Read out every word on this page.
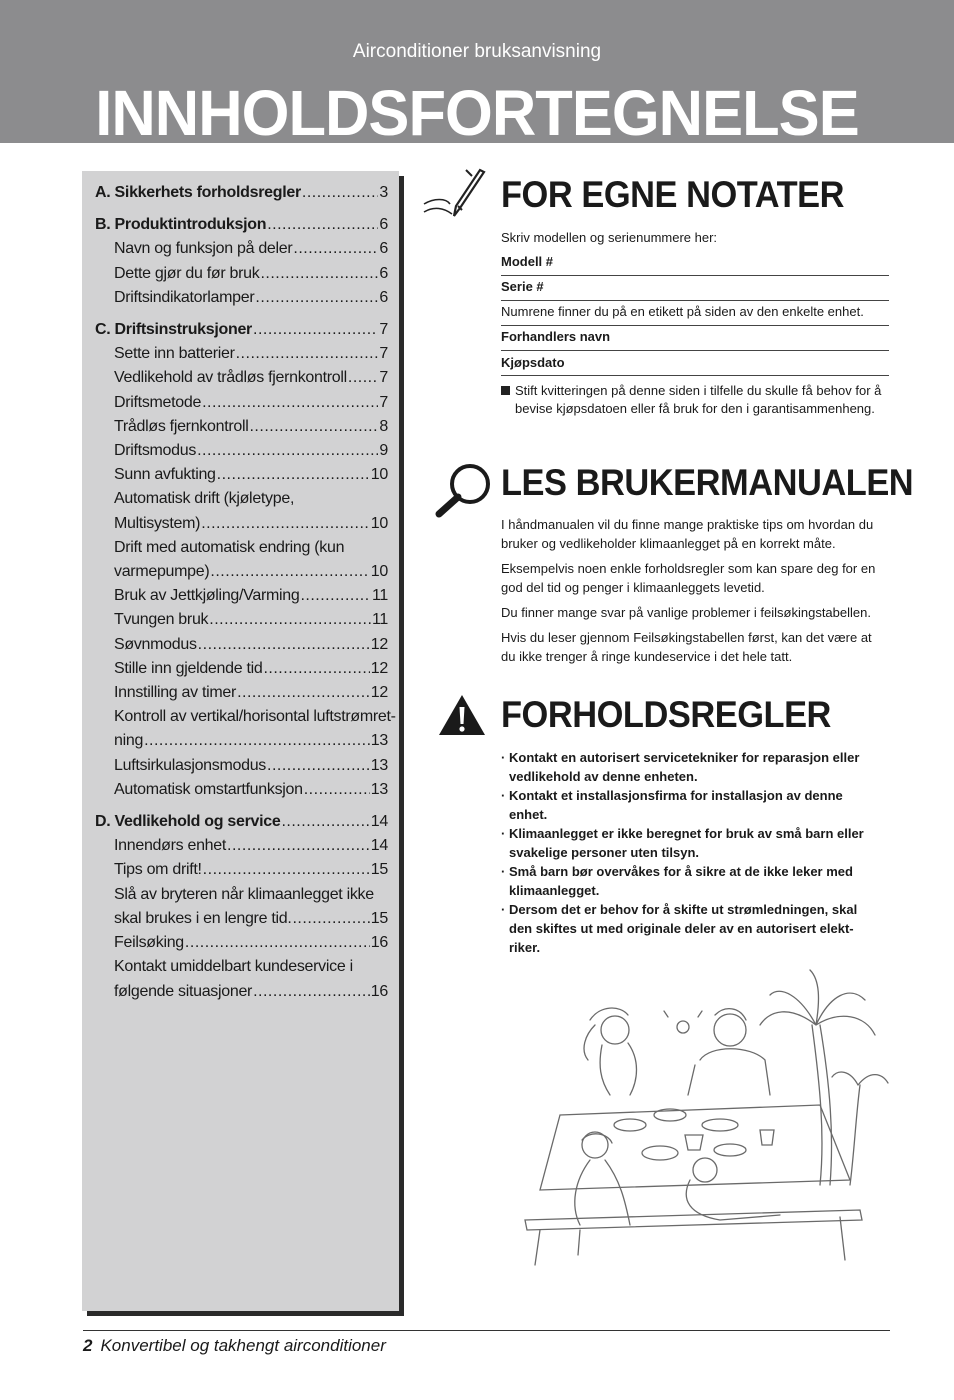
Airconditioner bruksanvisning
INNHOLDSFORTEGNELSE
A. Sikkerhets forholdsregler .....	3
B. Produktintroduksjon .....	6
Navn og funksjon på deler .....	6
Dette gjør du før bruk .....	6
Driftsindikatorlamper .....	6
C. Driftsinstruksjoner .....	7
Sette inn batterier .....	7
Vedlikehold av trådløs fjernkontroll ..... 7
Driftsmetode .....	7
Trådløs fjernkontroll .....	8
Driftsmodus .....	9
Sunn avfukting .....	10
Automatisk drift (kjøletype,
Multisystem) .....	10
Drift med automatisk endring (kun
varmepumpe) .....	10
Bruk av Jettkjøling/Varming .....	11
Tvungen bruk .....	11
Søvnmodus .....	12
Stille inn gjeldende tid .....	12
Innstilling av timer .....	12
Kontroll av vertikal/horisontal luftstrømret-
ning .....	13
Luftsirkulasjonsmodus .....	13
Automatisk omstartfunksjon .....	13
D. Vedlikehold og service .....	14
Innendørs enhet .....	14
Tips om drift! .....	15
Slå av bryteren når klimaanlegget ikke
skal brukes i en lengre tid. .....	15
Feilsøking .....	16
Kontakt umiddelbart kundeservice i
følgende situasjoner .....	16
FOR EGNE NOTATER
Skriv modellen og serienummere her:
Modell #
Serie #
Numrene finner du på en etikett på siden av den enkelte enhet.
Forhandlers navn
Kjøpsdato
Stift kvitteringen på denne siden i tilfelle du skulle få behov for å bevise kjøpsdatoen eller få bruk for den i garantisammenheng.
LES BRUKERMANUALEN
I håndmanualen vil du finne mange praktiske tips om hvordan du bruker og vedlikeholder klimaanlegget på en korrekt måte.
Eksempelvis noen enkle forholdsregler som kan spare deg for en god del tid og penger i klimaanleggets levetid.
Du finner mange svar på vanlige problemer i feilsøkingstabellen.
Hvis du leser gjennom Feilsøkingstabellen først, kan det være at du ikke trenger å ringe kundeservice i det hele tatt.
FORHOLDSREGLER
· Kontakt en autorisert servicetekniker for reparasjon eller vedlikehold av denne enheten.
· Kontakt et installasjonsfirma for installasjon av denne enhet.
· Klimaanlegget er ikke beregnet for bruk av små barn eller svakelige personer uten tilsyn.
· Små barn bør overvåkes for å sikre at de ikke leker med klimaanlegget.
· Dersom det er behov for å skifte ut strømledningen, skal den skiftes ut med originale deler av en autorisert elekt-riker.
2 Konvertibel og takhengt airconditioner
